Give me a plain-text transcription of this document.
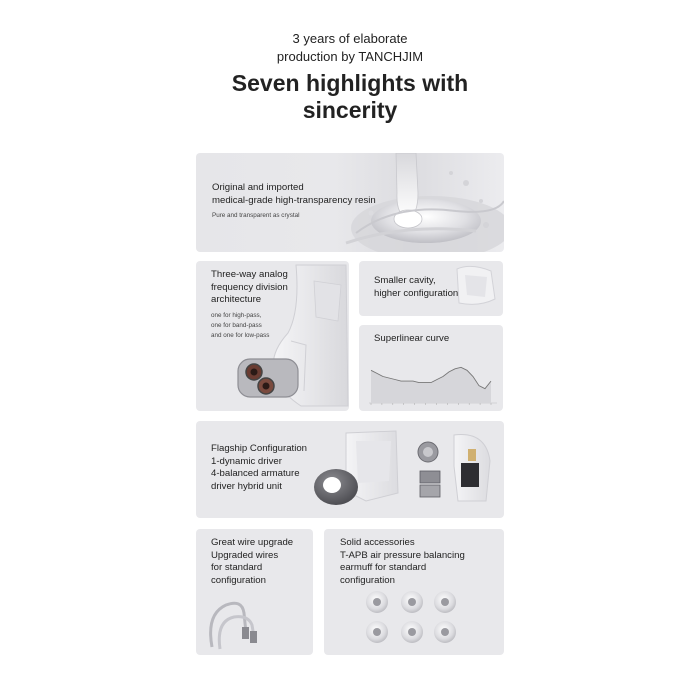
3 years of elaborate
production by TANCHJIM
Seven highlights with
sincerity
Original and imported
medical-grade high-transparency resin
Pure and transparent as crystal
Three-way analog
frequency division
architecture
one for high-pass,
one for band-pass
and one for low-pass
Smaller cavity,
higher configuration
Superlinear curve
Flagship Configuration
1-dynamic driver
4-balanced armature
driver hybrid unit
Great wire upgrade
Upgraded wires
for standard
configuration
Solid accessories
T-APB air pressure balancing
earmuff for standard
configuration
